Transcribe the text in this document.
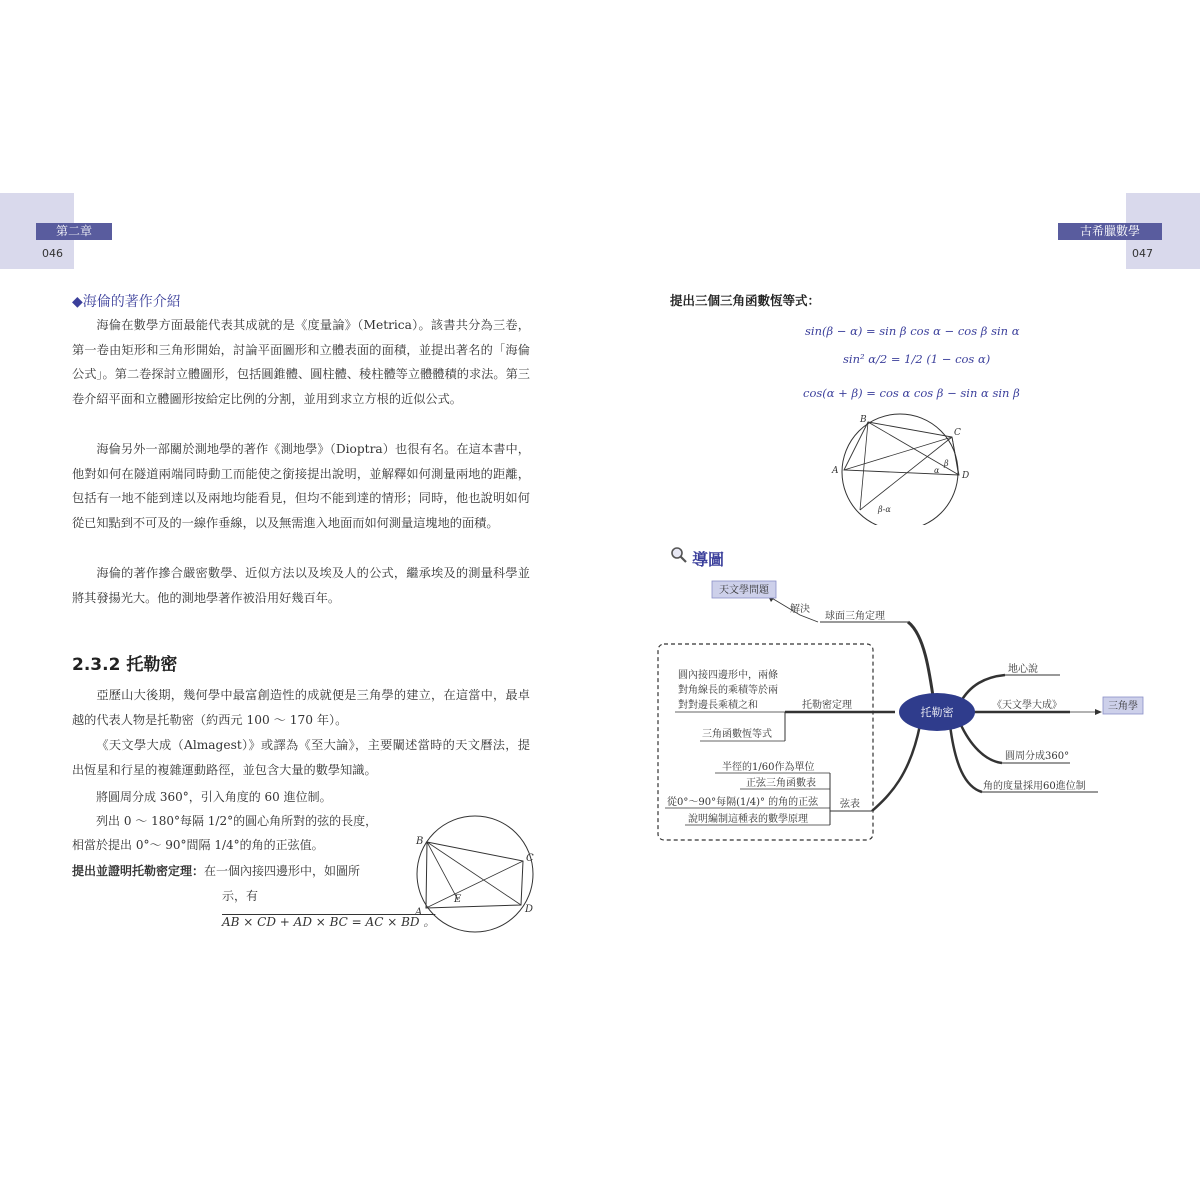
第二章	古希臘數學
046	047
◆海倫的著作介紹
海倫在數學方面最能代表其成就的是《度量論》（Metrica）。該書共分為三卷，第一卷由矩形和三角形開始，討論平面圖形和立體表面的面積，並提出著名的「海倫公式」。第二卷探討立體圖形，包括圓錐體、圓柱體、稜柱體等立體體積的求法。第三卷介紹平面和立體圖形按給定比例的分割，並用到求立方根的近似公式。
海倫另外一部關於測地學的著作《測地學》（Dioptra）也很有名。在這本書中，他對如何在隧道兩端同時動工而能使之銜接提出說明，並解釋如何測量兩地的距離，包括有一地不能到達以及兩地均能看見，但均不能到達的情形；同時，他也說明如何從已知點到不可及的一線作垂線，以及無需進入地面而如何測量這塊地的面積。
海倫的著作摻合嚴密數學、近似方法以及埃及人的公式，繼承埃及的測量科學並將其發揚光大。他的測地學著作被沿用好幾百年。
2.3.2 托勒密
亞歷山大後期，幾何學中最富創造性的成就便是三角學的建立，在這當中，最卓越的代表人物是托勒密（約西元 100 ～ 170 年）。
《天文學大成（Almagest）》或譯為《至大論》，主要闡述當時的天文曆法，提出恆星和行星的複雜運動路徑，並包含大量的數學知識。
將圓周分成 360°，引入角度的 60 進位制。
列出 0 ～ 180°每隔 1/2°的圓心角所對的弦的長度，
相當於提出 0°～ 90°間隔 1/4°的角的正弦值。
提出並證明托勒密定理：在一個內接四邊形中，如圖所
示，有
AB × CD + AD × BC = AC × BD 。
B
C
D
A
E
提出三個三角函數恆等式：
sin(β − α) = sin β cos α − cos β sin α
sin² α/2 = 1/2 (1 − cos α)
cos(α + β) = cos α cos β − sin α sin β
B
C
D
A	α
β
β-α
導圖
托勒密
天文學問題
解決
球面三角定理
圓內接四邊形中，兩條
對角線長的乘積等於兩
對對邊長乘積之和	托勒密定理
三角函數恆等式
半徑的1/60作為單位
正弦三角函數表
從0°～90°每隔(1/4)° 的角的正弦
說明編制這種表的數學原理
弦表
地心說
《天文學大成》	三角學
圓周分成360°
角的度量採用60進位制
